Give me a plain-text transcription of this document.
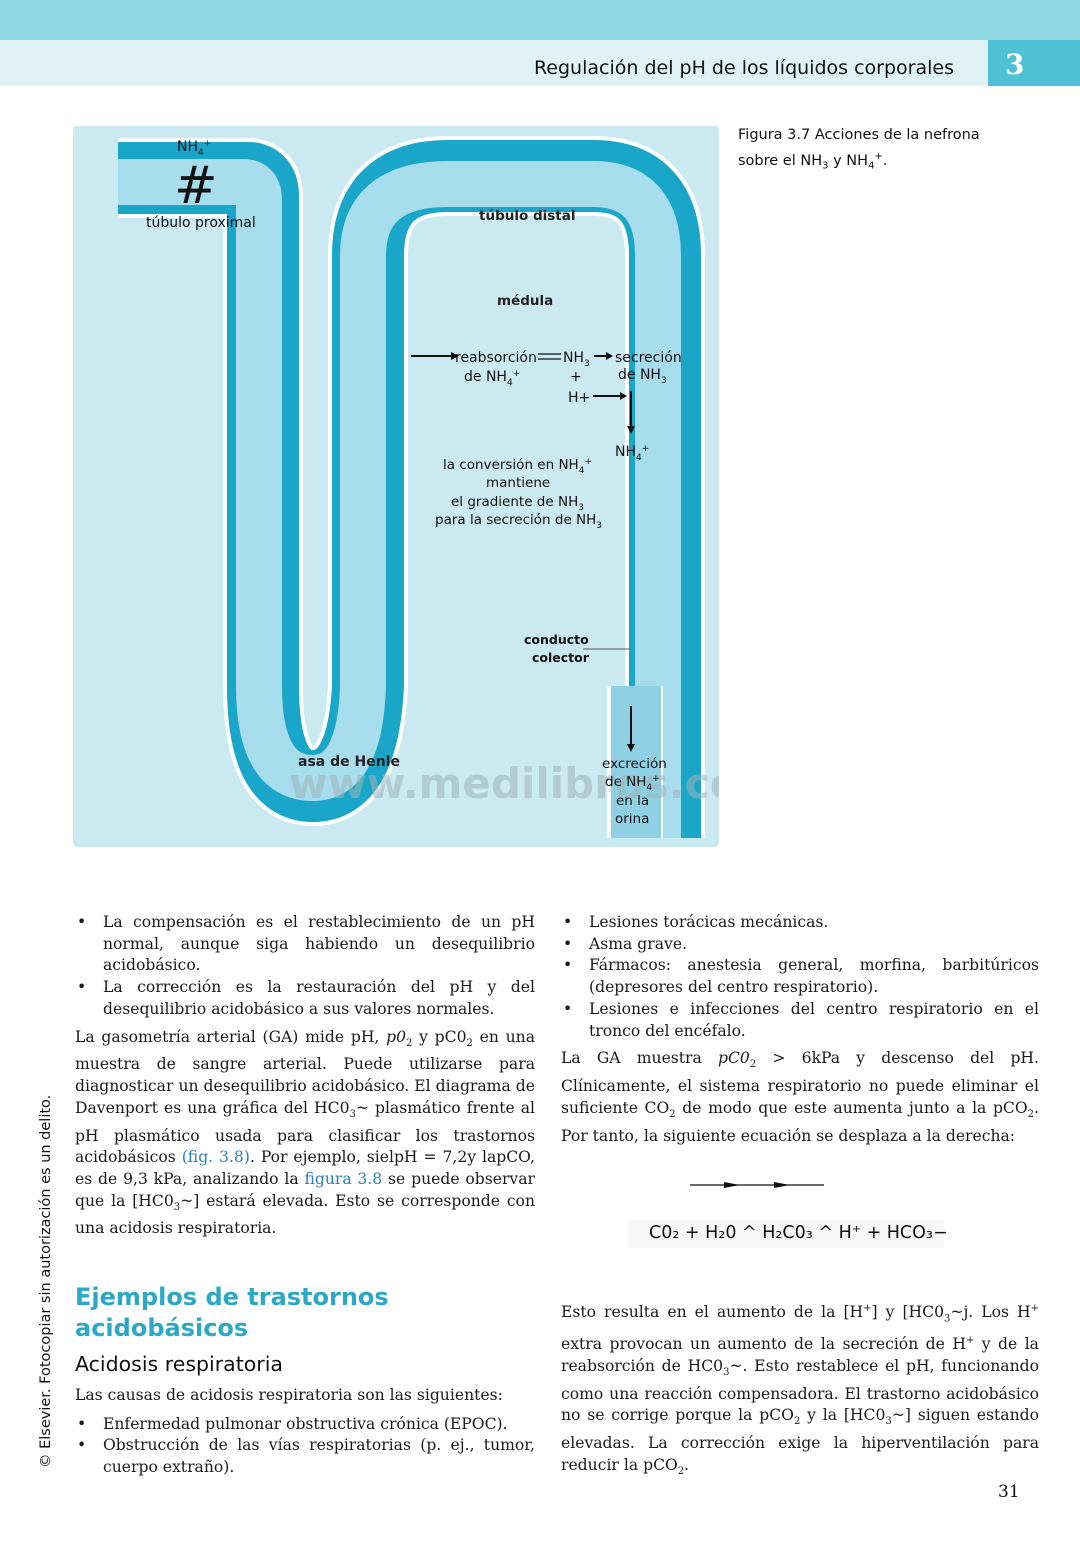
Regulación del pH de los líquidos corporales 3
$NH_4^+$
#
túbulo proximal	túbulo distal
médula
reabsorción
de $NH_4^+$
$NH_3$ secreción
+	de $NH_3$
H+
$NH_4^+$
la conversión en $NH_4^+$
mantiene
el gradiente de $NH_3$
para la secreción de $NH_3$
conducto
colector
asa de Henle
www.medilibros.c
excreción
de $NH_4^+$
en la
orina
Figura 3.7 Acciones de la nefrona
sobre el $NH_3$ y $NH_4^+$.
© Elsevier. Fotocopiar sin autorización es un delito.
• La compensación es el restablecimiento de un pH normal, aunque siga habiendo un desequilibrio acidobásico.
• La corrección es la restauración del pH y del desequilibrio acidobásico a sus valores normales.

La gasometría arterial (GA) mide pH, $p0_2$ y $pC0_2$ en una muestra de sangre arterial. Puede utilizarse para diagnosticar un desequilibrio acidobásico. El diagrama de Davenport es una gráfica del $HC0_3\sim$ plasmático frente al pH plasmático usada para clasificar los trastornos acidobásicos (fig. 3.8). Por ejemplo, sielpH = 7,2y lapCO, es de 9,3 kPa, analizando la figura 3.8 se puede observar que la $[HC0_3\sim]$ estará elevada. Esto se corresponde con una acidosis respiratoria.

Ejemplos de trastornos
acidobásicos
Acidosis respiratoria

Las causas de acidosis respiratoria son las siguientes:

• Enfermedad pulmonar obstructiva crónica (EPOC).
• Obstrucción de las vías respiratorias (p. ej., tumor, cuerpo extraño).
• Lesiones torácicas mecánicas.
• Asma grave.
• Fármacos: anestesia general, morfina, barbitúricos (depresores del centro respiratorio).
• Lesiones e infecciones del centro respiratorio en el tronco del encéfalo.

La GA muestra $pC0_2 > 6kPa$ y descenso del pH. Clínicamente, el sistema respiratorio no puede eliminar el suficiente $CO_2$ de modo que este aumenta junto a la pCO$_2$. Por tanto, la siguiente ecuación se desplaza a la derecha:

C0₂ + H₂0 ^ H₂C0₃ ^ H⁺ + HCO₃−

Esto resulta en el aumento de la [H+] y [$HC0_3\sim j$. Los H+ extra provocan un aumento de la secreción de H+ y de la reabsorción de $HC0_3\sim$. Esto restablece el pH, funcionando como una reacción compensadora. El trastorno acidobásico no se corrige porque la pCO$_2$ y la $[HC0_3\sim]$ siguen estando elevadas. La corrección exige la hiperventilación para reducir la pCO$_2$.

31
